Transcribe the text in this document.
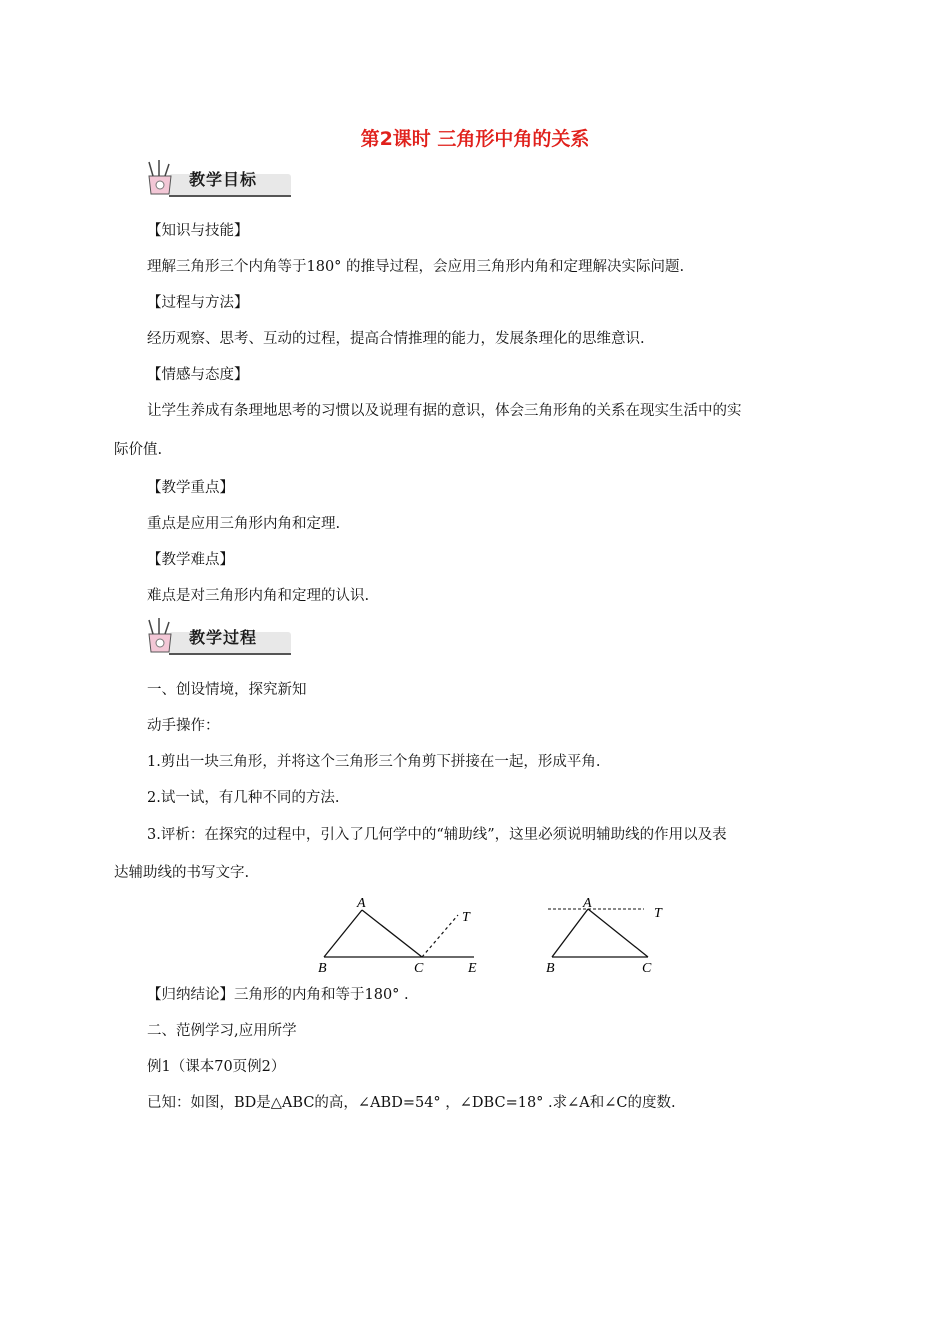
第2课时 三角形中角的关系
教学目标
【知识与技能】
理解三角形三个内角等于180° 的推导过程，会应用三角形内角和定理解决实际问题.
【过程与方法】
经历观察、思考、互动的过程，提高合情推理的能力，发展条理化的思维意识.
【情感与态度】
让学生养成有条理地思考的习惯以及说理有据的意识，体会三角形角的关系在现实生活中的实
际价值.
【教学重点】
重点是应用三角形内角和定理.
【教学难点】
难点是对三角形内角和定理的认识.
教学过程
一、创设情境，探究新知
动手操作：
1.剪出一块三角形，并将这个三角形三个角剪下拼接在一起，形成平角.
2.试一试，有几种不同的方法.
3.评析：在探究的过程中，引入了几何学中的“辅助线”，这里必须说明辅助线的作用以及表
达辅助线的书写文字.
A
B	C	E
T
A
B	C
T
【归纳结论】三角形的内角和等于180° .
二、范例学习,应用所学
例1（课本70页例2）
已知：如图，BD是△ABC的高，∠ABD=54° ，∠DBC=18° .求∠A和∠C的度数.
